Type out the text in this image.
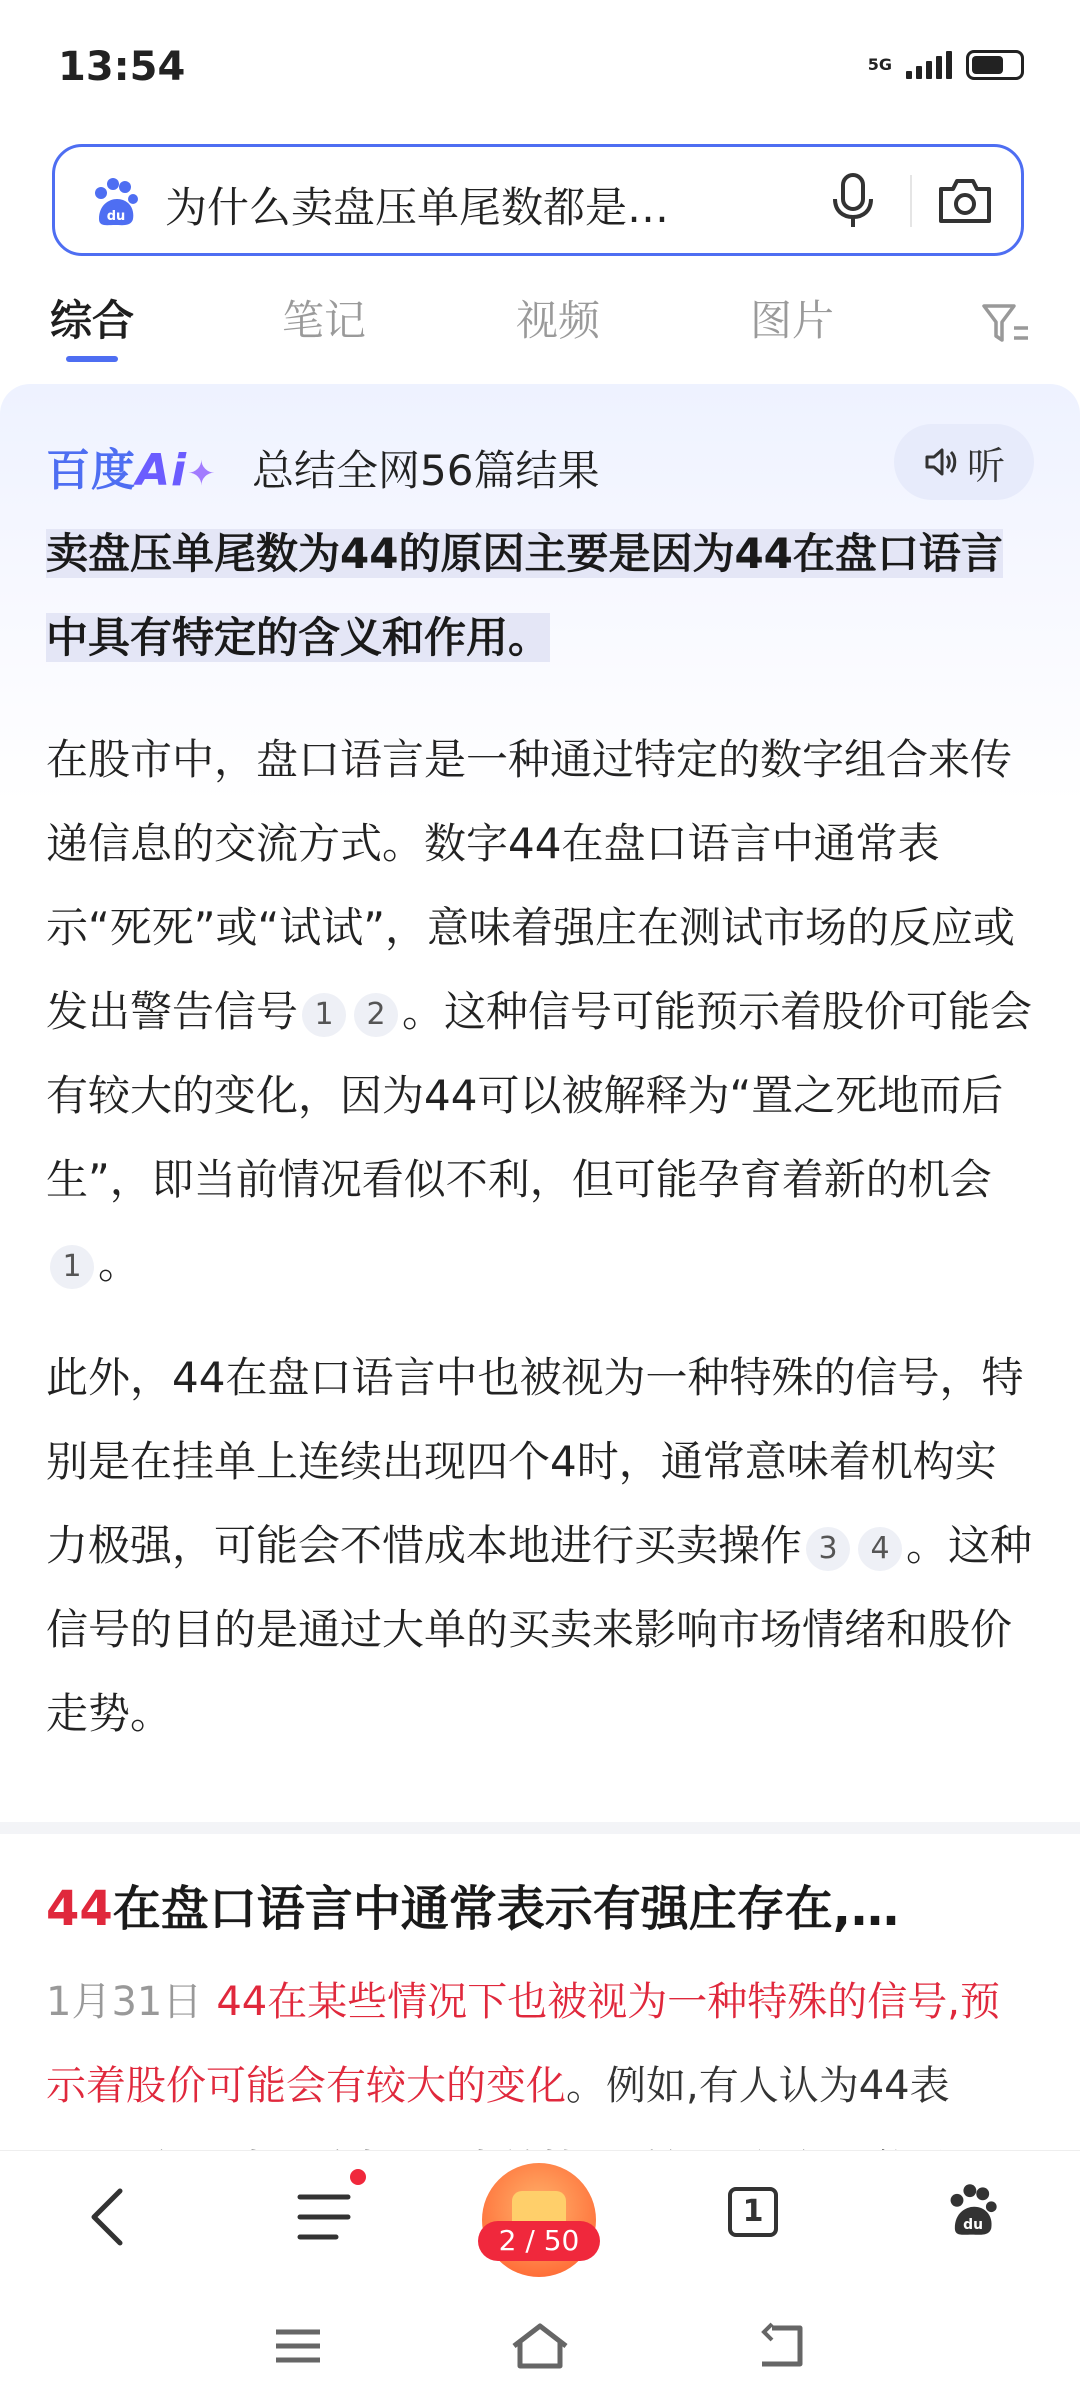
13:54	5G
du 为什么卖盘压单尾数都是…
综合	笔记	视频	图片
百度Ai✦ 总结全网56篇结果	听
卖盘压单尾数为44的原因主要是因为44在盘口语言中具有特定的含义和作用。
在股市中，盘口语言是一种通过特定的数字组合来传递信息的交流方式。数字44在盘口语言中通常表示“死死”或“试试”，意味着强庄在测试市场的反应或发出警告信号 1 2 。这种信号可能预示着股价可能会有较大的变化，因为44可以被解释为“置之死地而后生”，即当前情况看似不利，但可能孕育着新的机会1 。
此外，44在盘口语言中也被视为一种特殊的信号，特别是在挂单上连续出现四个4时，通常意味着机构实力极强，可能会不惜成本地进行买卖操作 3 4 。这种信号的目的是通过大单的买卖来影响市场情绪和股价走势。
44在盘口语言中通常表示有强庄存在,…
1月31日 44在某些情况下也被视为一种特殊的信号,预示着股价可能会有较大的变化。例如,有人认为44表
2 / 50
1	du
